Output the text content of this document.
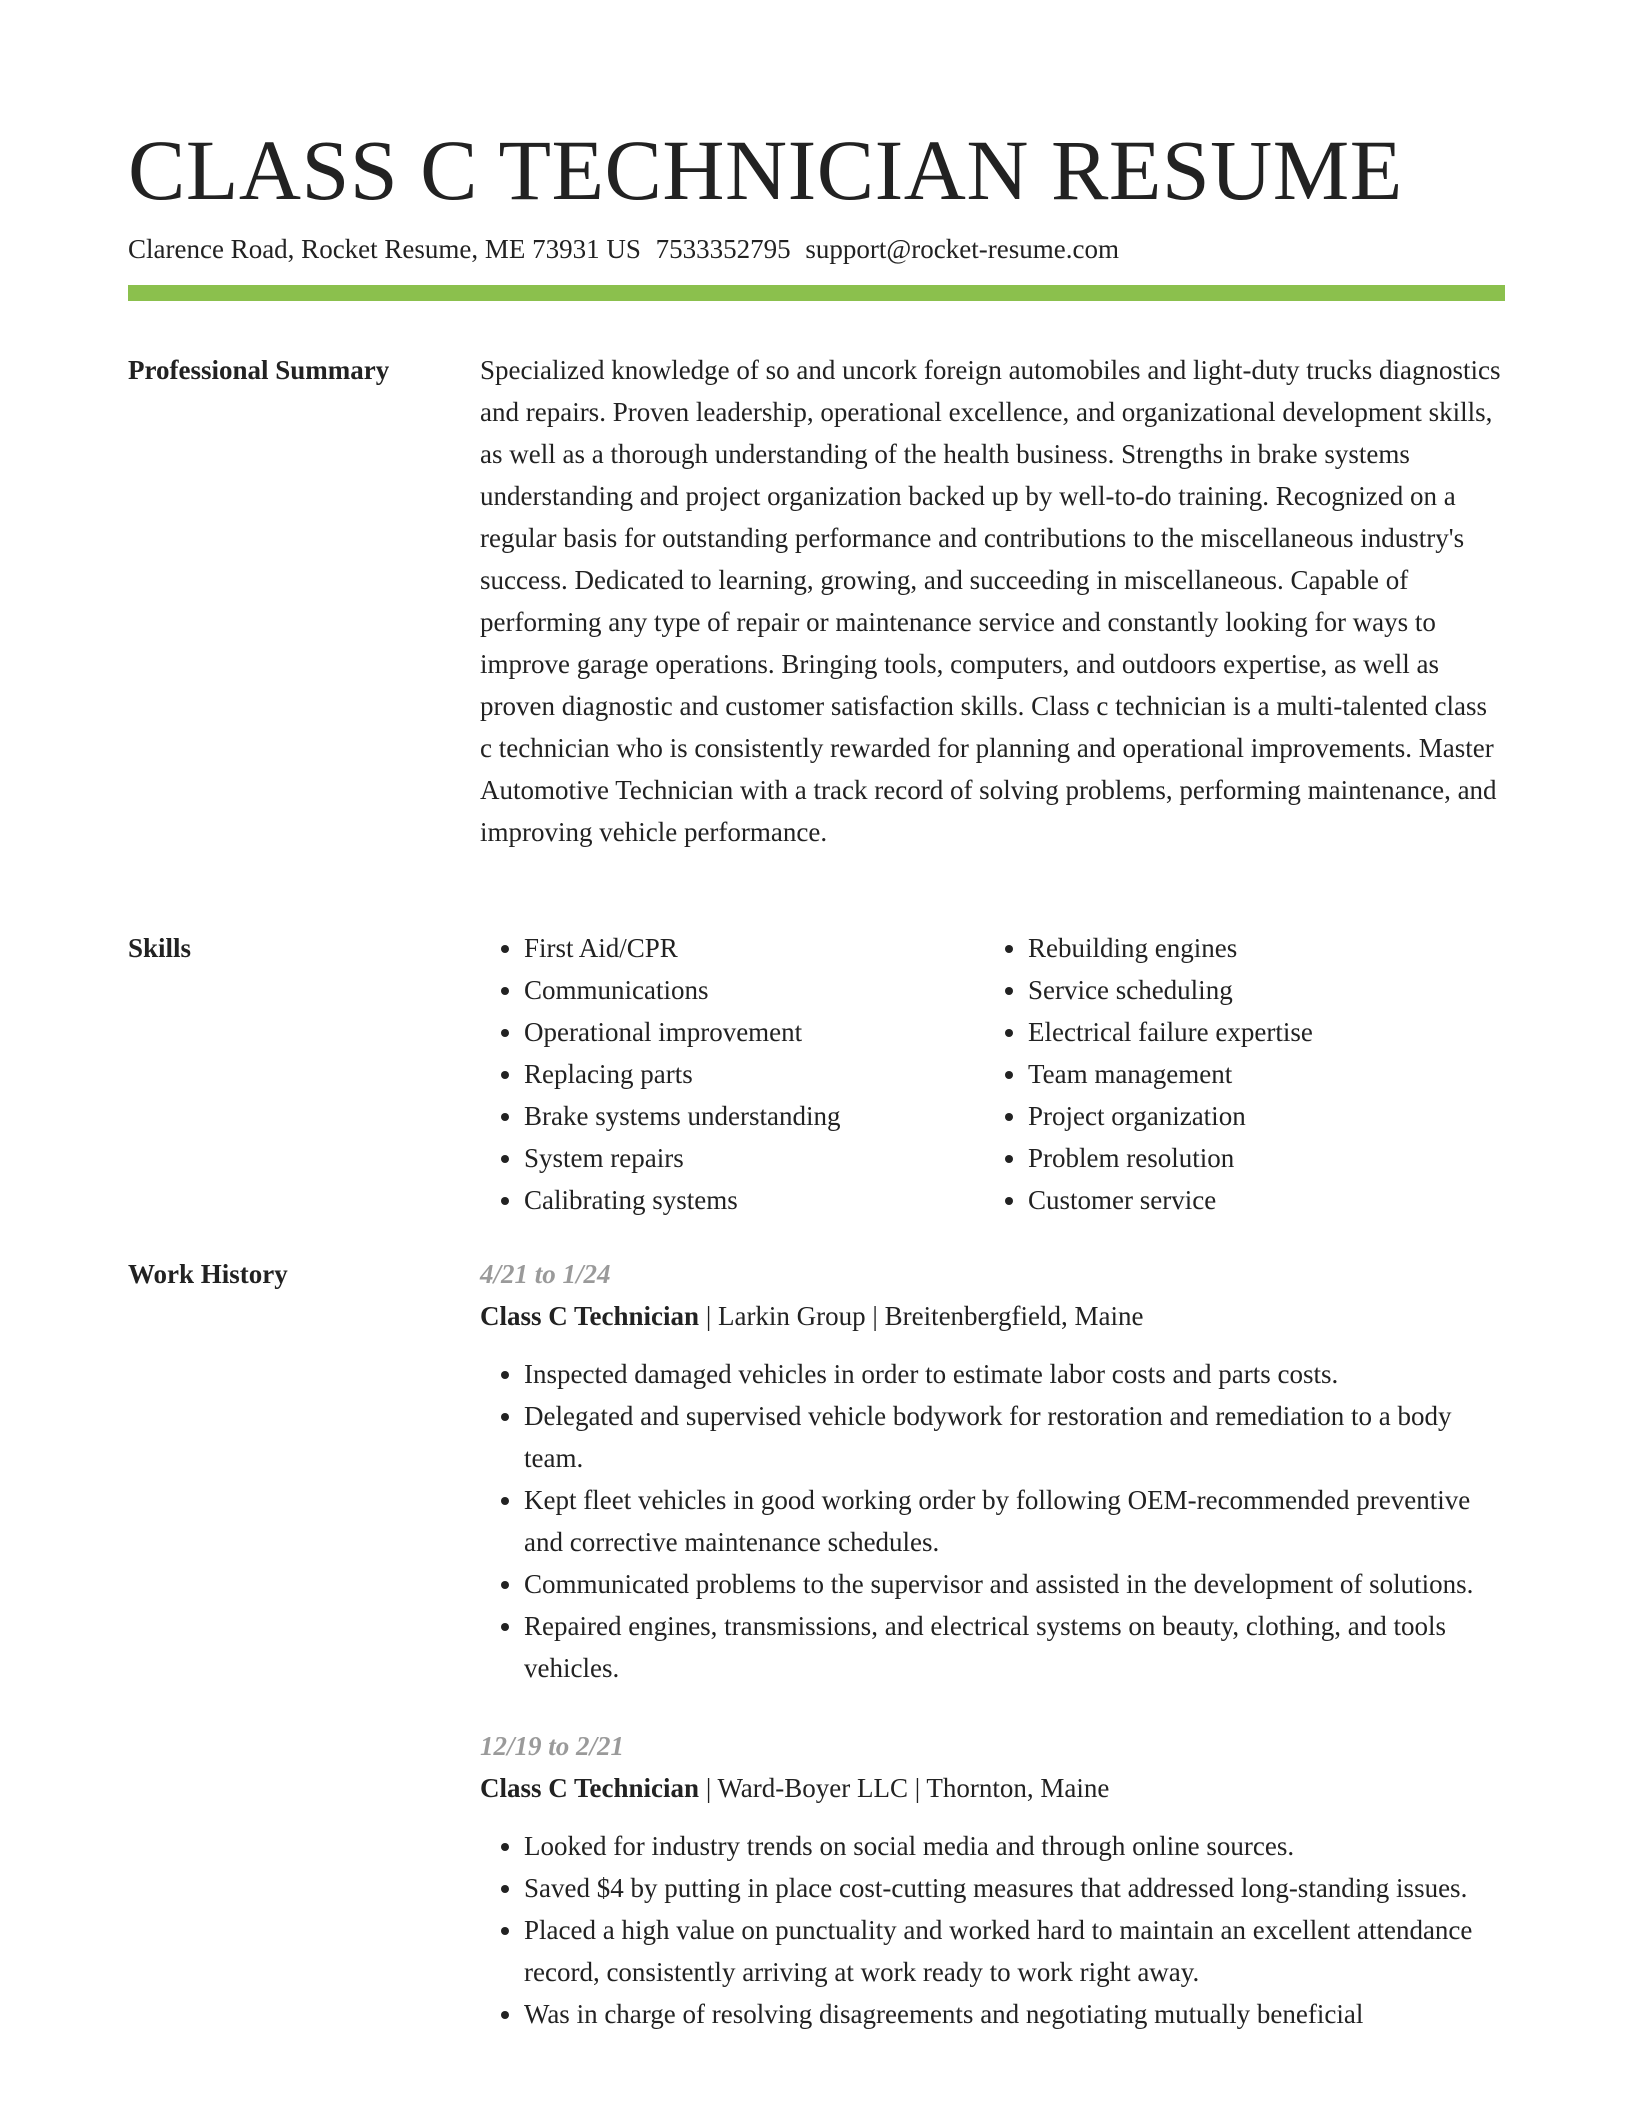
CLASS C TECHNICIAN RESUME
Clarence Road, Rocket Resume, ME 73931 US 7533352795 support@rocket-resume.com
Professional Summary	Specialized knowledge of so and uncork foreign automobiles and light-duty trucks diagnostics and repairs. Proven leadership, operational excellence, and organizational development skills, as well as a thorough understanding of the health business. Strengths in brake systems understanding and project organization backed up by well-to-do training. Recognized on a regular basis for outstanding performance and contributions to the miscellaneous industry's success. Dedicated to learning, growing, and succeeding in miscellaneous. Capable of performing any type of repair or maintenance service and constantly looking for ways to improve garage operations. Bringing tools, computers, and outdoors expertise, as well as proven diagnostic and customer satisfaction skills. Class c technician is a multi-talented class c technician who is consistently rewarded for planning and operational improvements. Master Automotive Technician with a track record of solving problems, performing maintenance, and improving vehicle performance.

Skills
•	First Aid/CPR
• Communications
• Operational improvement
• Replacing parts
• Brake systems understanding
• System repairs
• Calibrating systems
• Rebuilding engines
• Service scheduling
• Electrical failure expertise
• Team management
• Project organization
• Problem resolution
• Customer service
Work History	4/21 to 1/24
Class C Technician | Larkin Group | Breitenbergfield, Maine
• Inspected damaged vehicles in order to estimate labor costs and parts costs.
• Delegated and supervised vehicle bodywork for restoration and remediation to a body team.
• Kept fleet vehicles in good working order by following OEM-recommended preventive and corrective maintenance schedules.
• Communicated problems to the supervisor and assisted in the development of solutions.
• Repaired engines, transmissions, and electrical systems on beauty, clothing, and tools vehicles.
12/19 to 2/21
Class C Technician | Ward-Boyer LLC | Thornton, Maine
• Looked for industry trends on social media and through online sources.
• Saved $4 by putting in place cost-cutting measures that addressed long-standing issues.
• Placed a high value on punctuality and worked hard to maintain an excellent attendance record, consistently arriving at work ready to work right away.
• Was in charge of resolving disagreements and negotiating mutually beneficial
